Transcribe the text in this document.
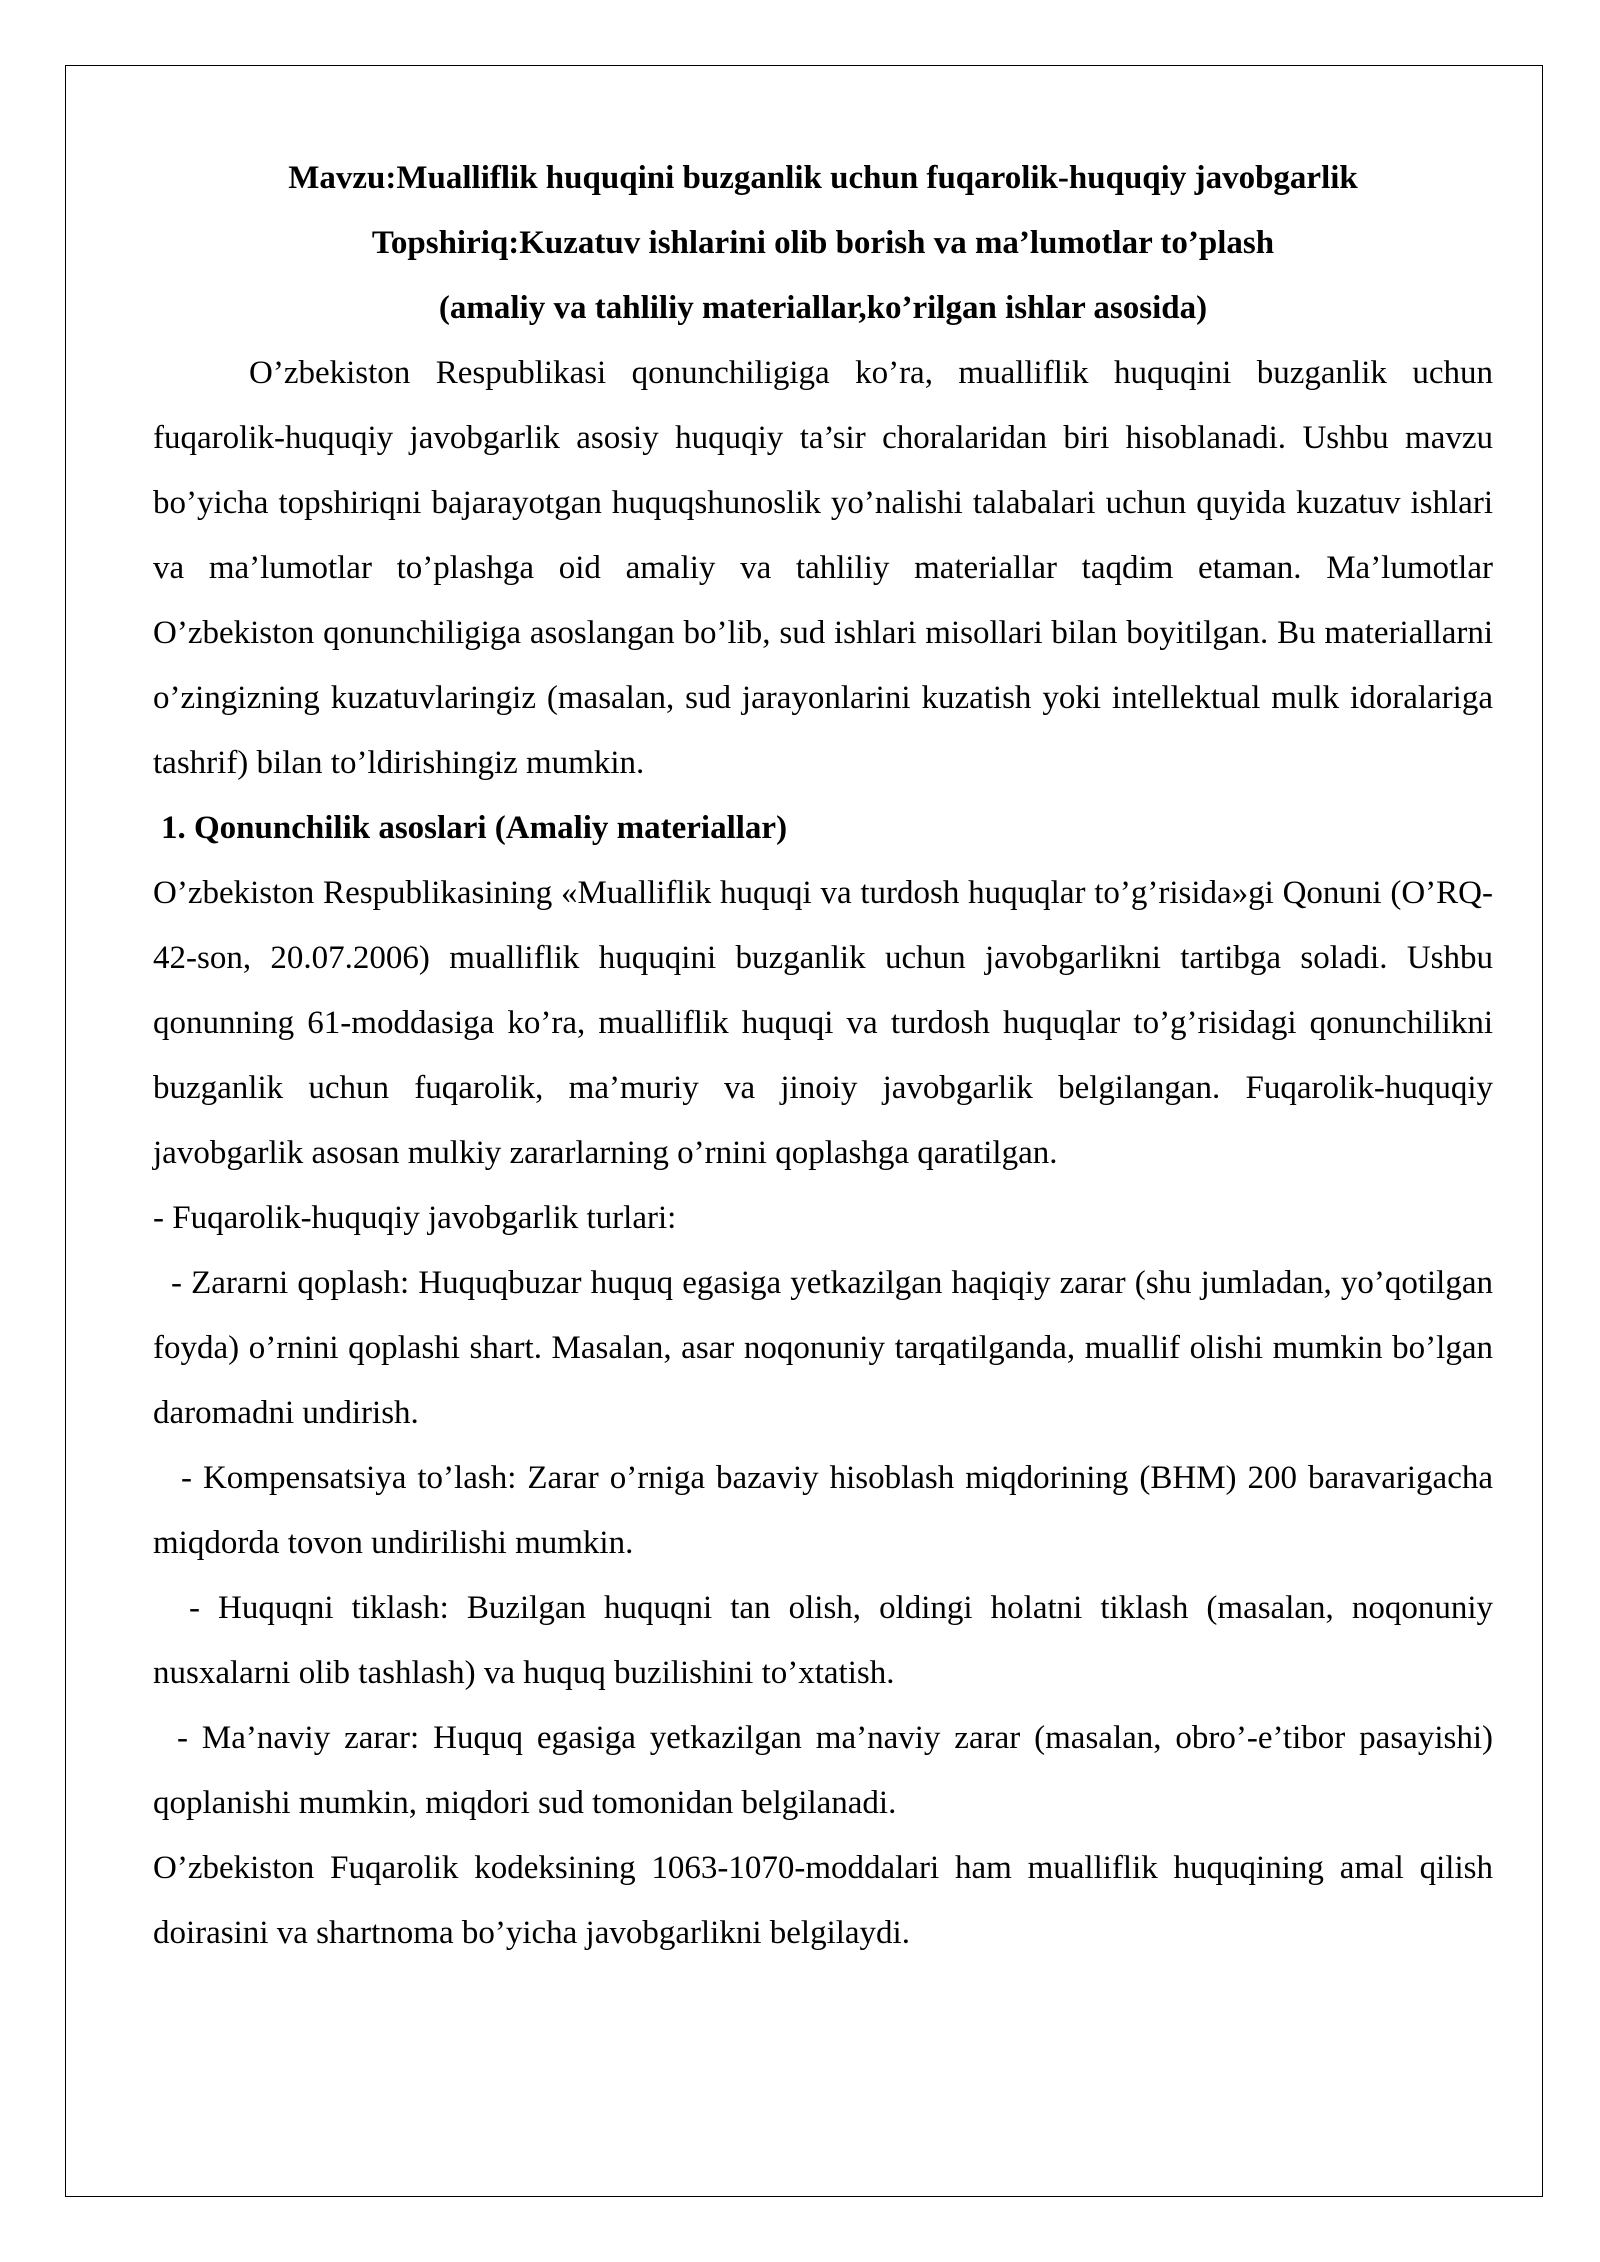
Mavzu:Mualliflik huquqini buzganlik uchun fuqarolik-huquqiy javobgarlik
Topshiriq:Kuzatuv ishlarini olib borish va ma’lumotlar to’plash
(amaliy va tahliliy materiallar,ko’rilgan ishlar asosida)

O’zbekiston Respublikasi qonunchiligiga ko’ra, mualliflik huquqini buzganlik uchun fuqarolik-huquqiy javobgarlik asosiy huquqiy ta’sir choralaridan biri hisoblanadi. Ushbu mavzu bo’yicha topshiriqni bajarayotgan huquqshunoslik yo’nalishi talabalari uchun quyida kuzatuv ishlari va ma’lumotlar to’plashga oid amaliy va tahliliy materiallar taqdim etaman. Ma’lumotlar O’zbekiston qonunchiligiga asoslangan bo’lib, sud ishlari misollari bilan boyitilgan. Bu materiallarni o’zingizning kuzatuvlaringiz (masalan, sud jarayonlarini kuzatish yoki intellektual mulk idoralariga tashrif) bilan to’ldirishingiz mumkin.

1. Qonunchilik asoslari (Amaliy materiallar)

O’zbekiston Respublikasining «Mualliflik huquqi va turdosh huquqlar to’g’risida»gi Qonuni (O’RQ-42-son, 20.07.2006) mualliflik huquqini buzganlik uchun javobgarlikni tartibga soladi. Ushbu qonunning 61-moddasiga ko’ra, mualliflik huquqi va turdosh huquqlar to’g’risidagi qonunchilikni buzganlik uchun fuqarolik, ma’muriy va jinoiy javobgarlik belgilangan. Fuqarolik-huquqiy javobgarlik asosan mulkiy zararlarning o’rnini qoplashga qaratilgan.

- Fuqarolik-huquqiy javobgarlik turlari:

- Zararni qoplash: Huquqbuzar huquq egasiga yetkazilgan haqiqiy zarar (shu jumladan, yo’qotilgan foyda) o’rnini qoplashi shart. Masalan, asar noqonuniy tarqatilganda, muallif olishi mumkin bo’lgan daromadni undirish.

- Kompensatsiya to’lash: Zarar o’rniga bazaviy hisoblash miqdorining (BHM) 200 baravarigacha miqdorda tovon undirilishi mumkin.

- Huquqni tiklash: Buzilgan huquqni tan olish, oldingi holatni tiklash (masalan, noqonuniy nusxalarni olib tashlash) va huquq buzilishini to’xtatish.

- Ma’naviy zarar: Huquq egasiga yetkazilgan ma’naviy zarar (masalan, obro’-e’tibor pasayishi) qoplanishi mumkin, miqdori sud tomonidan belgilanadi.

O’zbekiston Fuqarolik kodeksining 1063-1070-moddalari ham mualliflik huquqining amal qilish doirasini va shartnoma bo’yicha javobgarlikni belgilaydi.
